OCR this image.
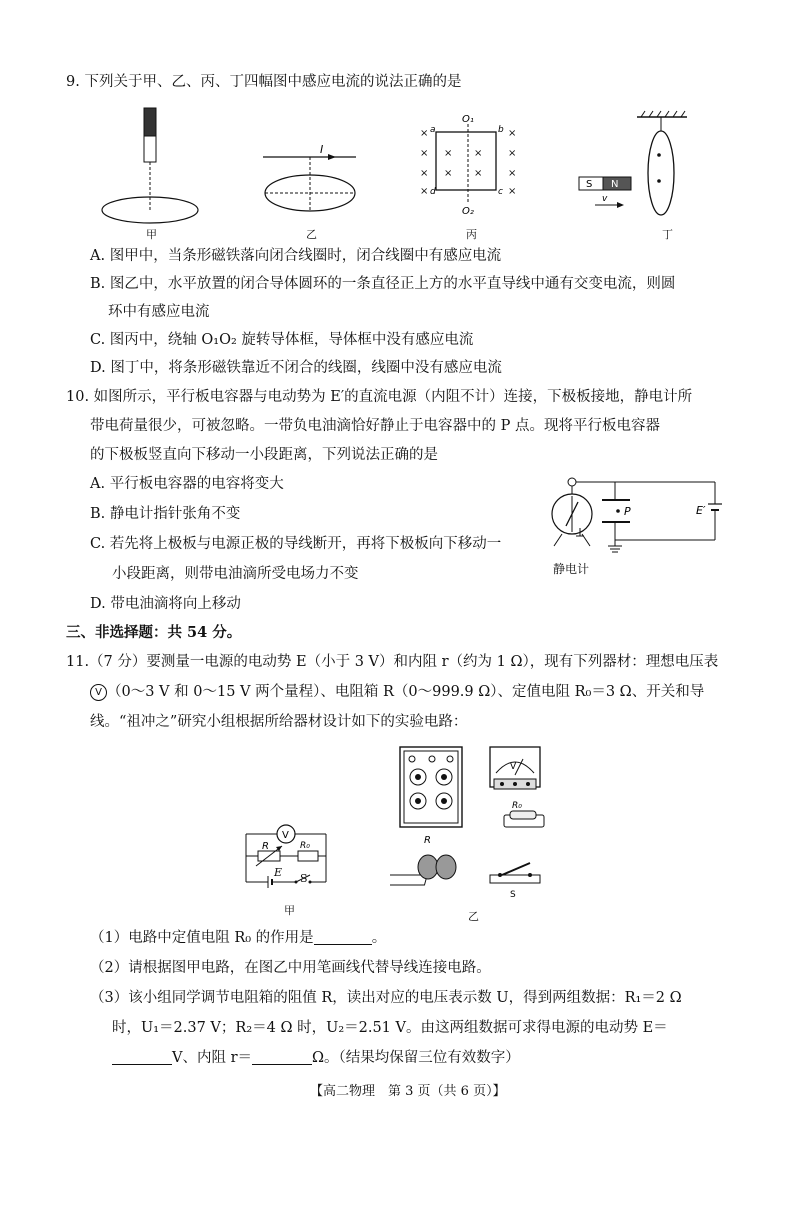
9. 下列关于甲、乙、丙、丁四幅图中感应电流的说法正确的是
甲
I
乙
O₁
O₂
a	b
c
d
×
×
×
×
×
×
×
×
×
×
×
×
丙
S N
v
丁
A. 图甲中，当条形磁铁落向闭合线圈时，闭合线圈中有感应电流
B. 图乙中，水平放置的闭合导体圆环的一条直径正上方的水平直导线中通有交变电流，则圆
环中有感应电流
C. 图丙中，绕轴 O₁O₂ 旋转导体框，导体框中没有感应电流
D. 图丁中，将条形磁铁靠近不闭合的线圈，线圈中没有感应电流
10. 如图所示，平行板电容器与电动势为 E′的直流电源（内阻不计）连接，下极板接地，静电计所
带电荷量很少，可被忽略。一带负电油滴恰好静止于电容器中的 P 点。现将平行板电容器
的下极板竖直向下移动一小段距离，下列说法正确的是
A. 平行板电容器的电容将变大
B. 静电计指针张角不变
C. 若先将上极板与电源正极的导线断开，再将下极板向下移动一
小段距离，则带电油滴所受电场力不变
D. 带电油滴将向上移动
P	E′
静电计
三、非选择题：共 54 分。
11.（7 分）要测量一电源的电动势 E（小于 3 V）和内阻 r（约为 1 Ω），现有下列器材：理想电压表
V （0～3 V 和 0～15 V 两个量程）、电阻箱 R（0～999.9 Ω）、定值电阻 R₀＝3 Ω、开关和导
线。“祖冲之”研究小组根据所给器材设计如下的实验电路：
V
R	R₀
E S
甲
R
V
R₀
S
乙
（1）电路中定值电阻 R₀ 的作用是	。
（2）请根据图甲电路，在图乙中用笔画线代替导线连接电路。
（3）该小组同学调节电阻箱的阻值 R，读出对应的电压表示数 U，得到两组数据：R₁＝2 Ω
时，U₁＝2.37 V；R₂＝4 Ω 时，U₂＝2.51 V。由这两组数据可求得电源的电动势 E＝
V、内阻 r＝	Ω。（结果均保留三位有效数字）
【高二物理　第 3 页（共 6 页）】
